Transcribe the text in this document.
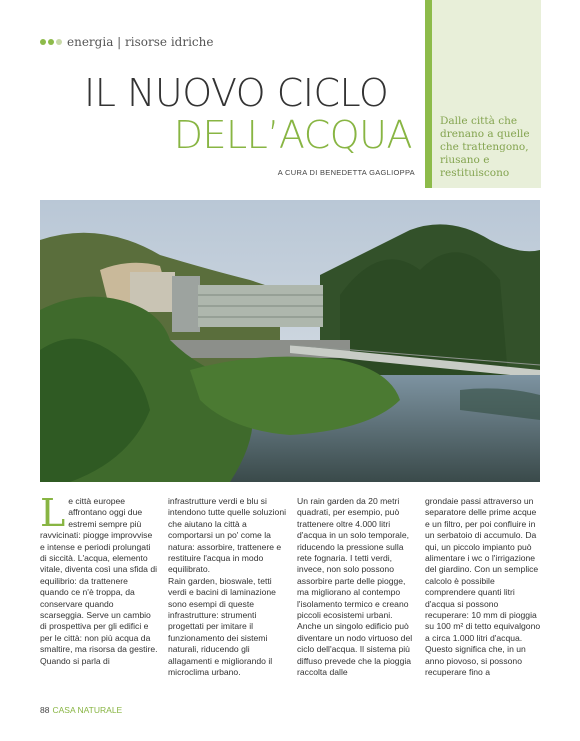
Dalle città che drenano a quelle che trattengono, riusano e restituiscono
energia | risorse idriche
IL NUOVO CICLO
DELL’ACQUA
A CURA DI BENEDETTA GAGLIOPPA

Le città europee affrontano oggi due estremi sempre più ravvicinati: piogge improvvise e intense e periodi prolungati di siccità. L'acqua, elemento vitale, diventa così una sfida di equilibrio: da trattenere quando ce n'è troppa, da conservare quando scarseggia. Serve un cambio di prospettiva per gli edifici e per le città: non più acqua da smaltire, ma risorsa da gestire. Quando si parla di

infrastrutture verdi e blu si intendono tutte quelle soluzioni che aiutano la città a comportarsi un po' come la natura: assorbire, trattenere e restituire l'acqua in modo equilibrato.

Rain garden, bioswale, tetti verdi e bacini di laminazione sono esempi di queste infrastrutture: strumenti progettati per imitare il funzionamento dei sistemi naturali, riducendo gli allagamenti e migliorando il microclima urbano.

Un rain garden da 20 metri quadrati, per esempio, può trattenere oltre 4.000 litri d'acqua in un solo temporale, riducendo la pressione sulla rete fognaria. I tetti verdi, invece, non solo possono assorbire parte delle piogge, ma migliorano al contempo l'isolamento termico e creano piccoli ecosistemi urbani. Anche un singolo edificio può diventare un nodo virtuoso del ciclo dell'acqua. Il sistema più diffuso prevede che la pioggia raccolta dalle

grondaie passi attraverso un separatore delle prime acque e un filtro, per poi confluire in un serbatoio di accumulo. Da qui, un piccolo impianto può alimentare i wc o l'irrigazione del giardino. Con un semplice calcolo è possibile comprendere quanti litri d'acqua si possono recuperare: 10 mm di pioggia su 100 m² di tetto equivalgono a circa 1.000 litri d'acqua. Questo significa che, in un anno piovoso, si possono recuperare fino a

88 CASA NATURALE
